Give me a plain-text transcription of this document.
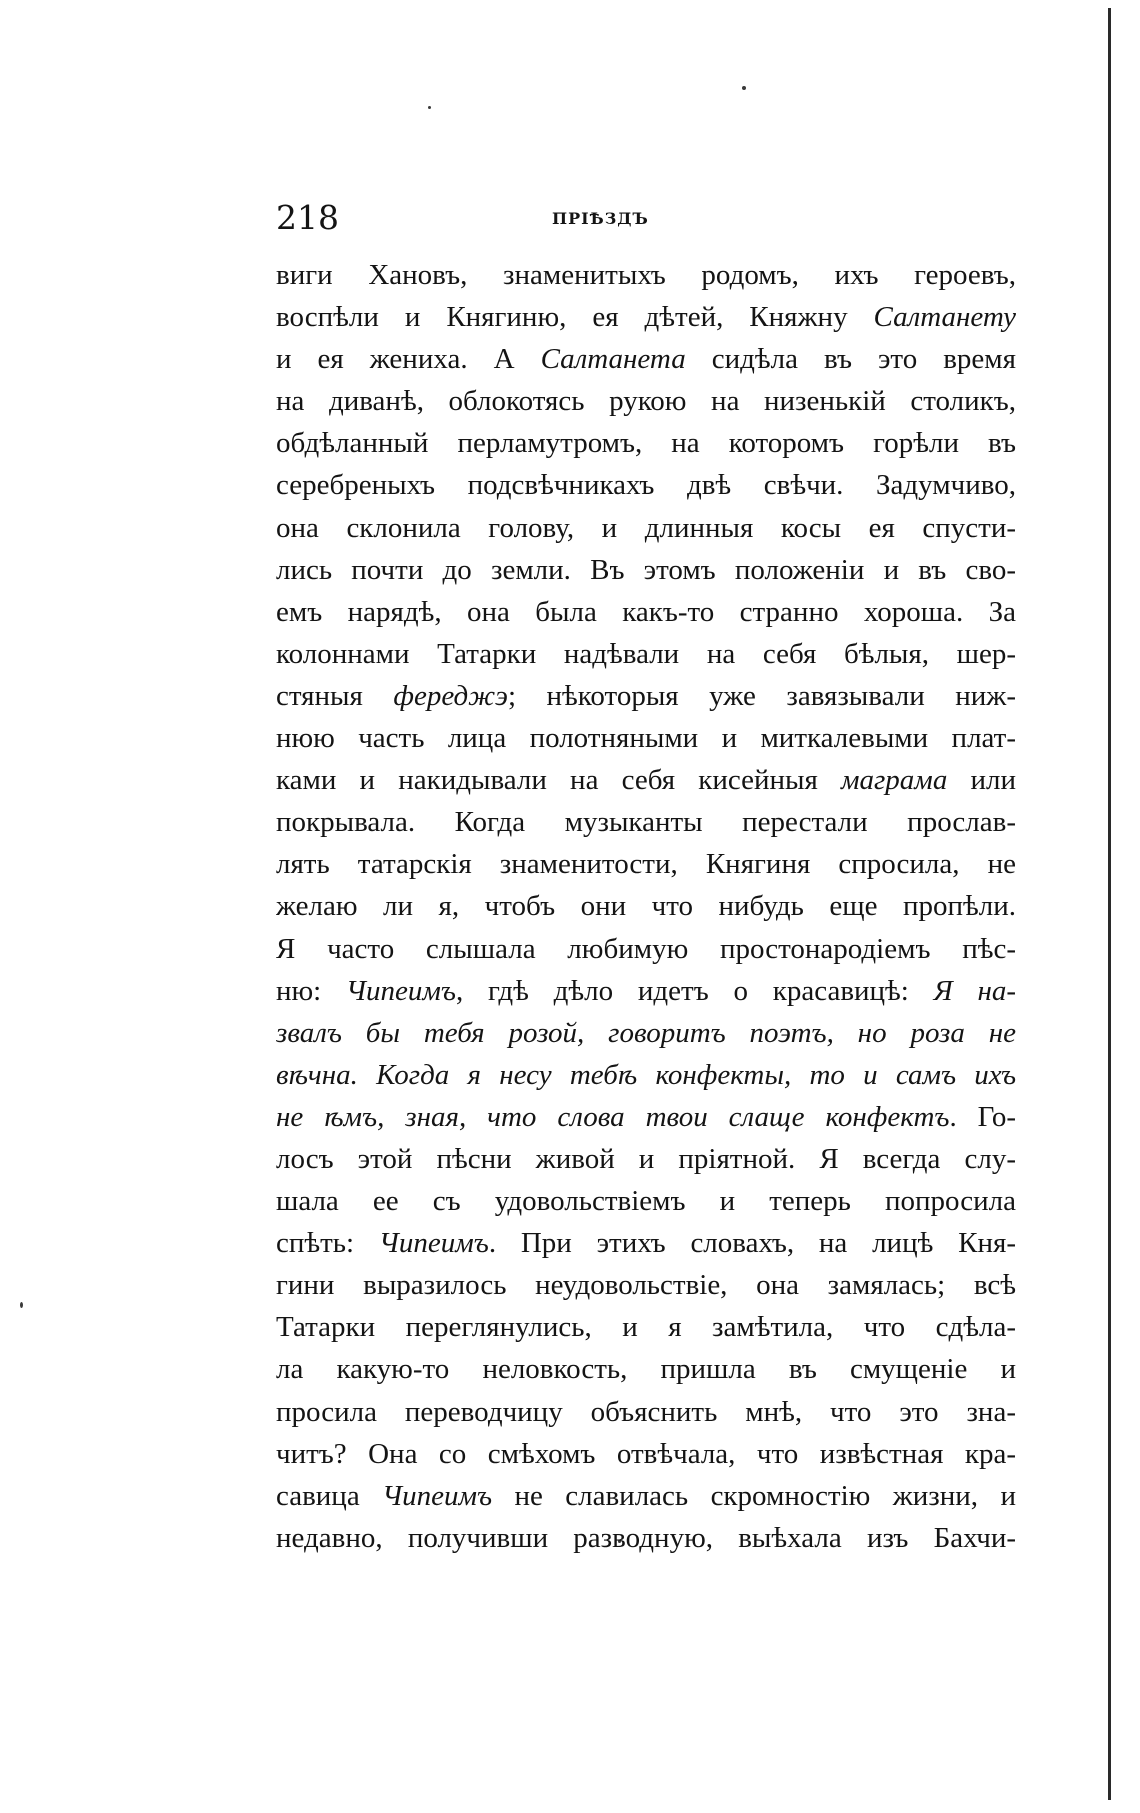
218	ПРІѢЗДЪ
виги Хановъ, знаменитыхъ родомъ, ихъ героевъ,
воспѣли и Княгиню, ея дѣтей, Княжну Салтанету
и ея жениха. А Салтанета сидѣла въ это время
на диванѣ, облокотясь рукою на низенькій столикъ,
обдѣланный перламутромъ, на которомъ горѣли въ
серебреныхъ подсвѣчникахъ двѣ свѣчи. Задумчиво,
она склонила голову, и длинныя косы ея спусти-
лись почти до земли. Въ этомъ положеніи и въ сво-
емъ нарядѣ, она была какъ-то странно хороша. За
колоннами Татарки надѣвали на себя бѣлыя, шер-
стяныя фереджэ; нѣкоторыя уже завязывали ниж-
нюю часть лица полотняными и миткалевыми плат-
ками и накидывали на себя кисейныя маграма или
покрывала. Когда музыканты перестали прослав-
лять татарскія знаменитости, Княгиня спросила, не
желаю ли я, чтобъ они что нибудь еще пропѣли.
Я часто слышала любимую простонародіемъ пѣс-
ню: Чипеимъ, гдѣ дѣло идетъ о красавицѣ: Я на-
звалъ бы тебя розой, говоритъ поэтъ, но роза не
вѣчна. Когда я несу тебѣ конфекты, то и самъ ихъ
не ѣмъ, зная, что слова твои слаще конфектъ. Го-
лосъ этой пѣсни живой и пріятной. Я всегда слу-
шала ее съ удовольствіемъ и теперь попросила
спѣть: Чипеимъ. При этихъ словахъ, на лицѣ Кня-
гини выразилось неудовольствіе, она замялась; всѣ
Татарки переглянулись, и я замѣтила, что сдѣла-
ла какую-то неловкость, пришла въ смущеніе и
просила переводчицу объяснить мнѣ, что это зна-
читъ? Она со смѣхомъ отвѣчала, что извѣстная кра-
савица Чипеимъ не славилась скромностію жизни, и
недавно, получивши разводную, выѣхала изъ Бахчи-
